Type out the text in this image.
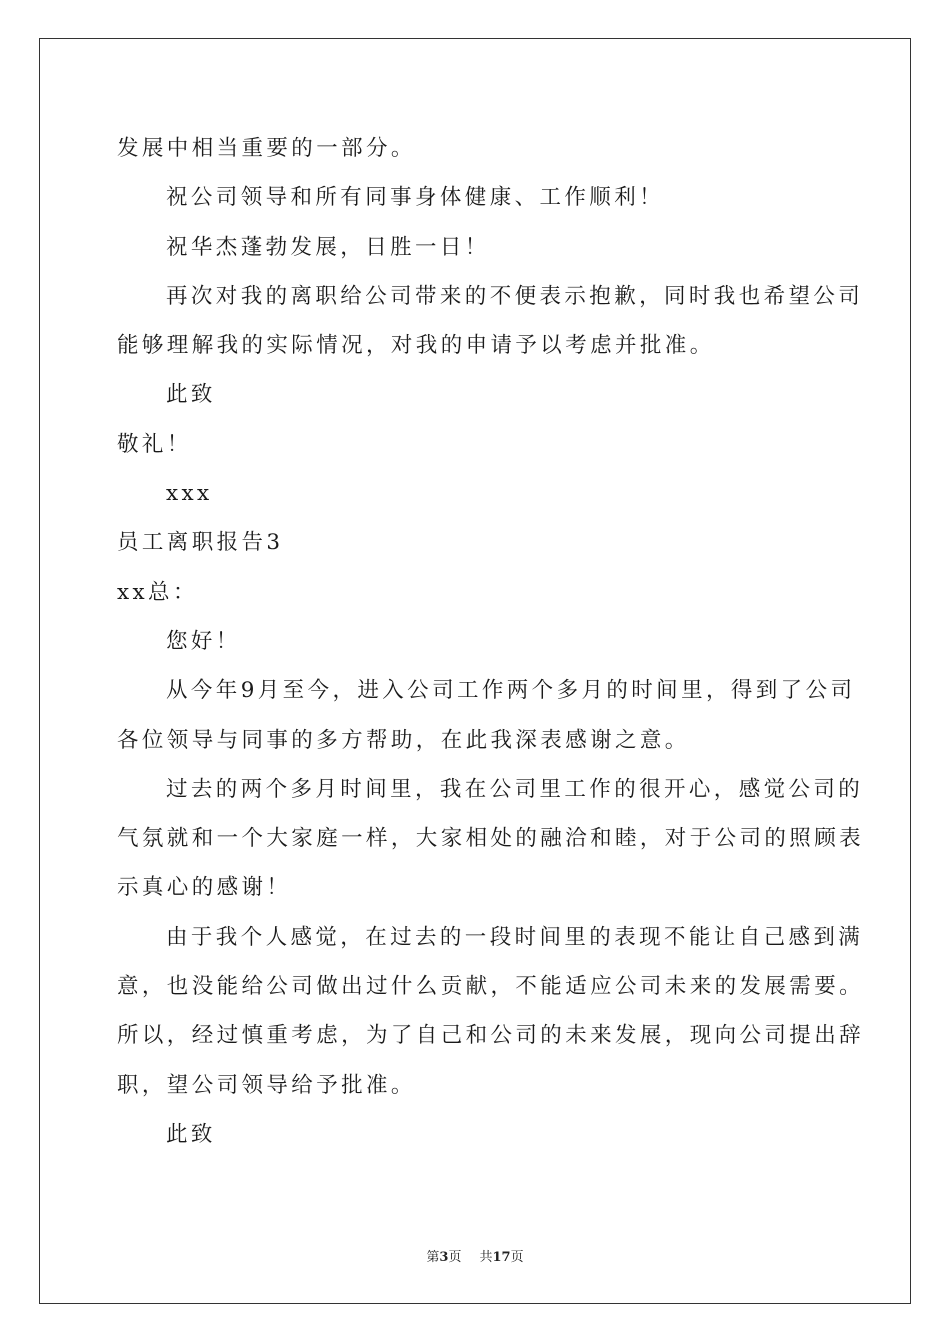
发展中相当重要的一部分。

祝公司领导和所有同事身体健康、工作顺利！

祝华杰蓬勃发展，日胜一日！

再次对我的离职给公司带来的不便表示抱歉，同时我也希望公司

能够理解我的实际情况，对我的申请予以考虑并批准。

此致

敬礼！

xxx

员工离职报告3

xx总：

您好！

从今年9月至今，进入公司工作两个多月的时间里，得到了公司

各位领导与同事的多方帮助，在此我深表感谢之意。

过去的两个多月时间里，我在公司里工作的很开心，感觉公司的

气氛就和一个大家庭一样，大家相处的融洽和睦，对于公司的照顾表

示真心的感谢！

由于我个人感觉，在过去的一段时间里的表现不能让自己感到满

意，也没能给公司做出过什么贡献，不能适应公司未来的发展需要。

所以，经过慎重考虑，为了自己和公司的未来发展，现向公司提出辞

职，望公司领导给予批准。

此致

第3页 共17页
